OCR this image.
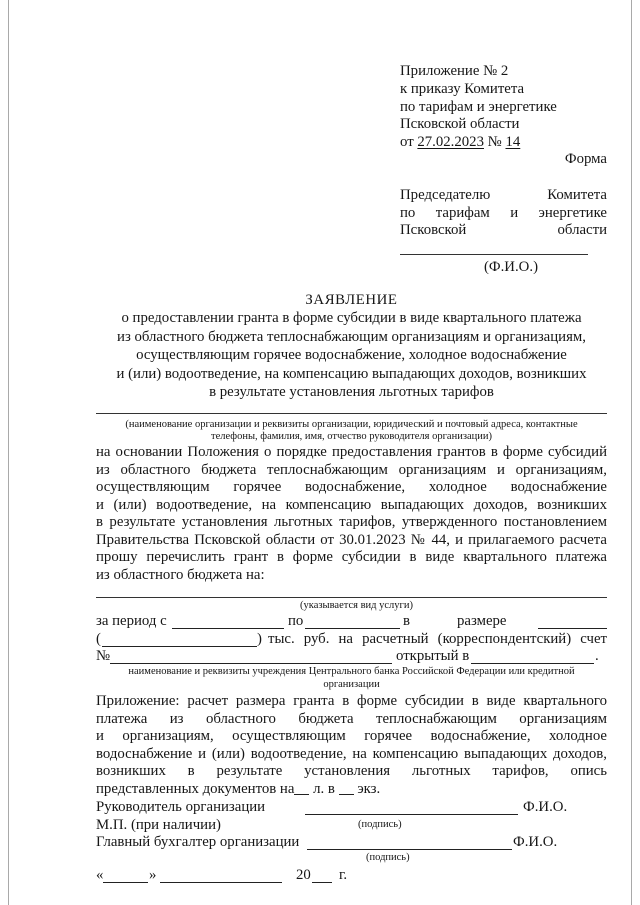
Приложение № 2
к приказу Комитета
по тарифам и энергетике
Псковской области
от 27.02.2023 № 14
Форма
Председателю Комитета
по тарифам и энергетике
Псковской области
(Ф.И.О.)
ЗАЯВЛЕНИЕ
о предоставлении гранта в форме субсидии в виде квартального платежа
из областного бюджета теплоснабжающим организациям и организациям,
осуществляющим горячее водоснабжение, холодное водоснабжение
и (или) водоотведение, на компенсацию выпадающих доходов, возникших
в результате установления льготных тарифов
(наименование организации и реквизиты организации, юридический и почтовый адреса, контактные
телефоны, фамилия, имя, отчество руководителя организации)
на основании Положения о порядке предоставления грантов в форме субсидий
из областного бюджета теплоснабжающим организациям и организациям,
осуществляющим горячее водоснабжение, холодное водоснабжение
и (или) водоотведение, на компенсацию выпадающих доходов, возникших
в результате установления льготных тарифов, утвержденного постановлением
Правительства Псковской области от 30.01.2023 № 44, и прилагаемого расчета
прошу перечислить грант в форме субсидии в виде квартального платежа
из областного бюджета на:
(указывается вид услуги)
за период с	по	в	размере
(	) тыс. руб. на расчетный (корреспондентский) счет
№	открытый в	.
наименование и реквизиты учреждения Центрального банка Российской Федерации или кредитной
организации
Приложение: расчет размера гранта в форме субсидии в виде квартального
платежа из областного бюджета теплоснабжающим организациям
и организациям, осуществляющим горячее водоснабжение, холодное
водоснабжение и (или) водоотведение, на компенсацию выпадающих доходов,
возникших в результате установления льготных тарифов, опись
представленных документов на л. в экз.
Руководитель организации	Ф.И.О.
М.П. (при наличии)	(подпись)
Главный бухгалтер организации	Ф.И.О.
(подпись)
«	»	20 г.
